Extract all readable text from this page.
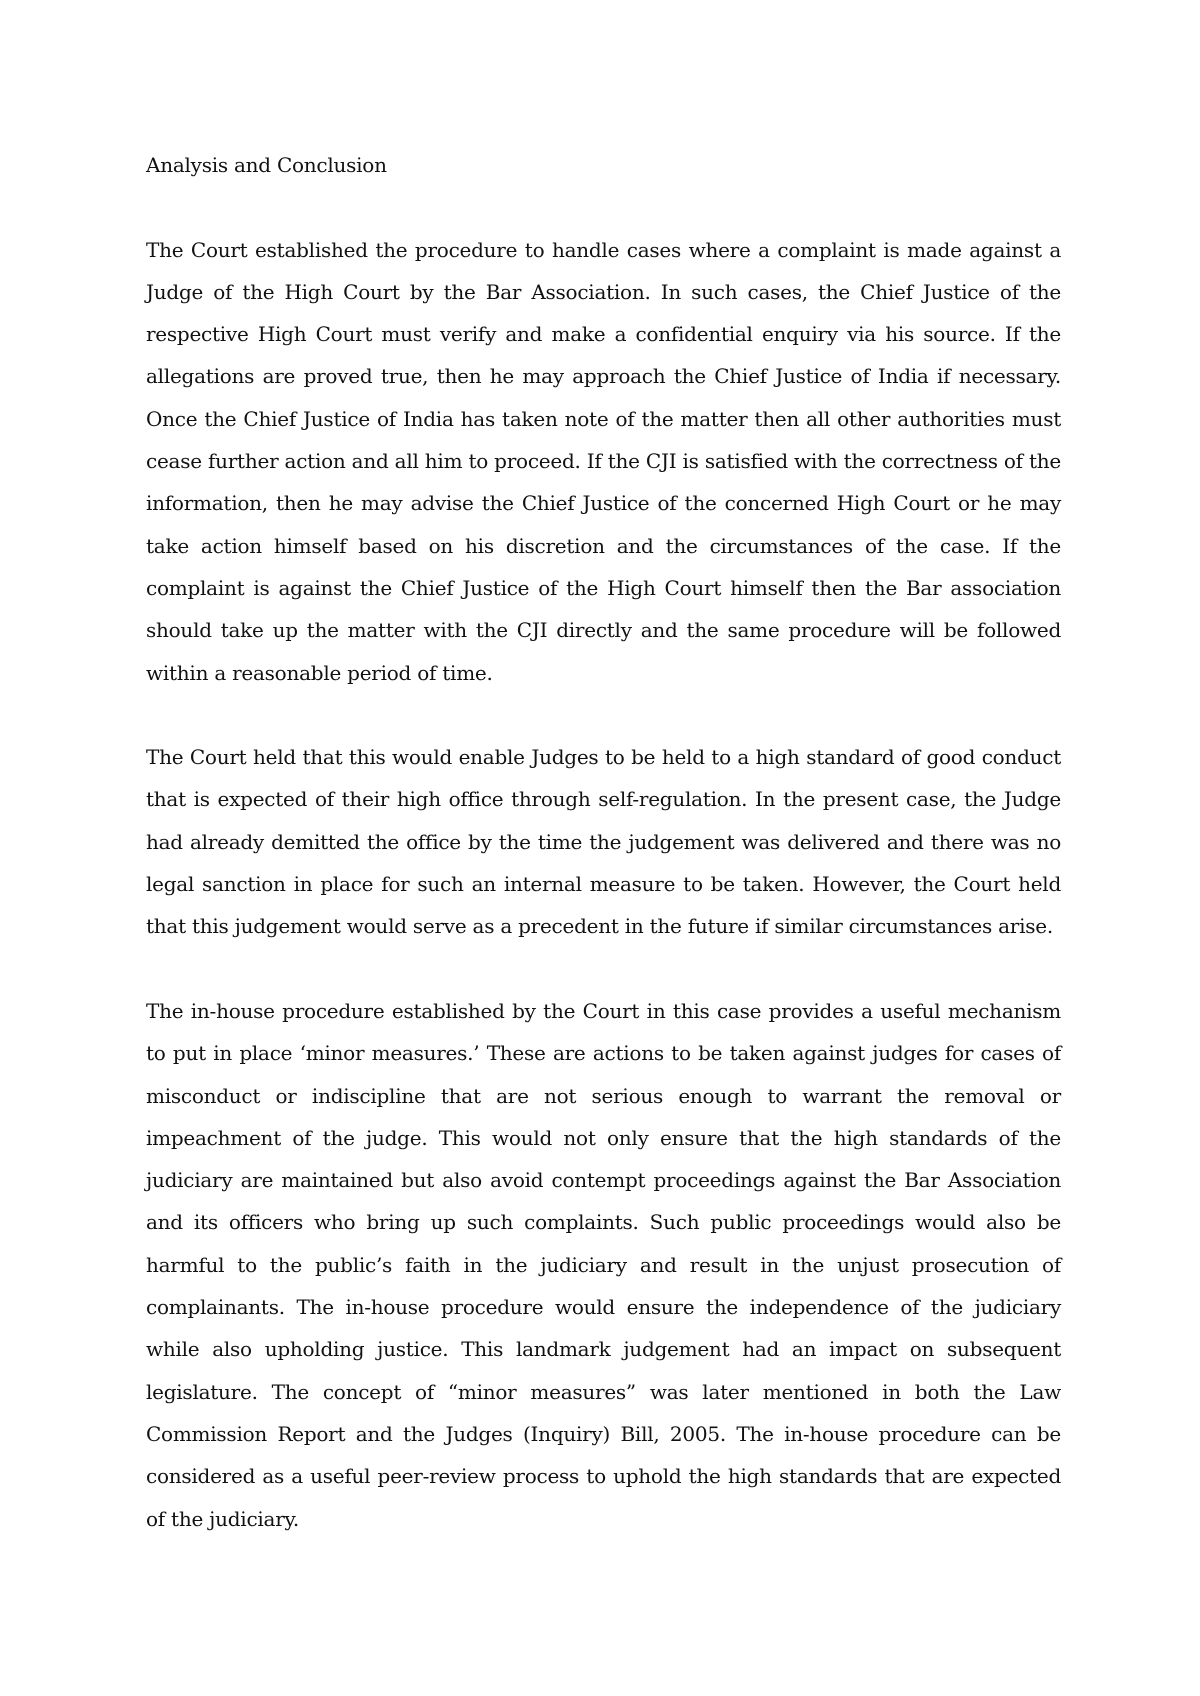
Analysis and Conclusion

The Court established the procedure to handle cases where a complaint is made against a Judge of the High Court by the Bar Association. In such cases, the Chief Justice of the respective High Court must verify and make a confidential enquiry via his source. If the allegations are proved true, then he may approach the Chief Justice of India if necessary. Once the Chief Justice of India has taken note of the matter then all other authorities must cease further action and all him to proceed. If the CJI is satisfied with the correctness of the information, then he may advise the Chief Justice of the concerned High Court or he may take action himself based on his discretion and the circumstances of the case. If the complaint is against the Chief Justice of the High Court himself then the Bar association should take up the matter with the CJI directly and the same procedure will be followed within a reasonable period of time.

The Court held that this would enable Judges to be held to a high standard of good conduct that is expected of their high office through self-regulation. In the present case, the Judge had already demitted the office by the time the judgement was delivered and there was no legal sanction in place for such an internal measure to be taken. However, the Court held that this judgement would serve as a precedent in the future if similar circumstances arise.

The in-house procedure established by the Court in this case provides a useful mechanism to put in place ‘minor measures.’ These are actions to be taken against judges for cases of misconduct or indiscipline that are not serious enough to warrant the removal or impeachment of the judge. This would not only ensure that the high standards of the judiciary are maintained but also avoid contempt proceedings against the Bar Association and its officers who bring up such complaints. Such public proceedings would also be harmful to the public’s faith in the judiciary and result in the unjust prosecution of complainants. The in-house procedure would ensure the independence of the judiciary while also upholding justice. This landmark judgement had an impact on subsequent legislature. The concept of “minor measures” was later mentioned in both the Law Commission Report and the Judges (Inquiry) Bill, 2005. The in-house procedure can be considered as a useful peer-review process to uphold the high standards that are expected of the judiciary.
